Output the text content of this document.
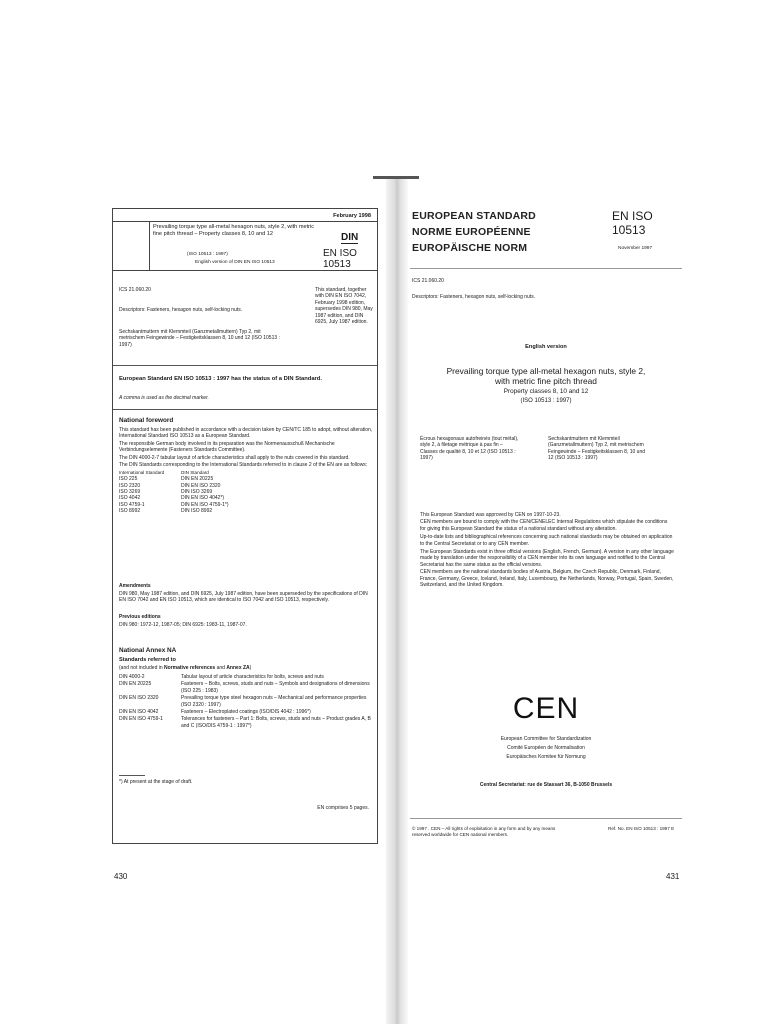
February 1998
Prevailing torque type all-metal hexagon nuts, style 2, with metric fine pitch thread – Property classes 8, 10 and 12
(ISO 10513 : 1997)
English version of DIN EN ISO 10513
DIN
EN ISO 10513
ICS 21.060.20
Descriptors: Fasteners, hexagon nuts, self-locking nuts.
Sechskantmuttern mit Klemmteil (Ganzmetallmuttern) Typ 2, mit metrischem Feingewinde – Festigkeitsklassen 8, 10 und 12 (ISO 10513 : 1997)
This standard, together with DIN EN ISO 7042, February 1998 edition, supersedes DIN 980, May 1987 edition, and DIN 6925, July 1987 edition.
European Standard EN ISO 10513 : 1997 has the status of a DIN Standard.
A comma is used as the decimal marker.
National foreword
This standard has been published in accordance with a decision taken by CEN/TC 185 to adopt, without alteration, International Standard ISO 10513 as a European Standard.
The responsible German body involved in its preparation was the Normenausschuß Mechanische Verbindungselemente (Fasteners Standards Committee).
The DIN 4000-2-7 tabular layout of article characteristics shall apply to the nuts covered in this standard.
The DIN Standards corresponding to the International Standards referred to in clause 2 of the EN are as follows:
International Standard	DIN Standard
ISO 225	DIN EN 20225
ISO 2320	DIN EN ISO 2320
ISO 3269	DIN ISO 3269
ISO 4042	DIN EN ISO 4042*)
ISO 4759-1	DIN EN ISO 4759-1*)
ISO 8992	DIN ISO 8992
Amendments
DIN 980, May 1987 edition, and DIN 6925, July 1987 edition, have been superseded by the specifications of DIN EN ISO 7042 and EN ISO 10513, which are identical to ISO 7042 and ISO 10513, respectively.
Previous editions
DIN 980: 1972-12, 1987-05; DIN 6925: 1983-11, 1987-07.
National Annex NA
Standards referred to
(and not included in Normative references and Annex ZA)
DIN 4000-2	Tabular layout of article characteristics for bolts, screws and nuts
DIN EN 20225	Fasteners – Bolts, screws, studs and nuts – Symbols and designations of dimensions (ISO 225 : 1983)
DIN EN ISO 2320	Prevailing torque type steel hexagon nuts – Mechanical and performance properties (ISO 2320 : 1997)
DIN EN ISO 4042	Fasteners – Electroplated coatings (ISO/DIS 4042 : 1996*)
DIN EN ISO 4759-1	Tolerances for fasteners – Part 1: Bolts, screws, studs and nuts – Product grades A, B and C (ISO/DIS 4759-1 : 1997*)
*) At present at the stage of draft.
EN comprises 5 pages.
430
EUROPEAN STANDARD
NORME EUROPÉENNE
EUROPÄISCHE NORM
EN ISO 10513
November 1997
ICS 21.060.20
Descriptors: Fasteners, hexagon nuts, self-locking nuts.
English version
Prevailing torque type all-metal hexagon nuts, style 2, with metric fine pitch thread
Property classes 8, 10 and 12
(ISO 10513 : 1997)
Écrous hexagonaux autofreinés (tout métal), style 2, à filetage métrique à pas fin – Classes de qualité 8, 10 et 12 (ISO 10513 : 1997)
Sechskantmuttern mit Klemmteil (Ganzmetallmuttern) Typ 2, mit metrischem Feingewinde – Festigkeitsklassen 8, 10 und 12 (ISO 10513 : 1997)
This European Standard was approved by CEN on 1997-10-23.
CEN members are bound to comply with the CEN/CENELEC Internal Regulations which stipulate the conditions for giving this European Standard the status of a national standard without any alteration.
Up-to-date lists and bibliographical references concerning such national standards may be obtained on application to the Central Secretariat or to any CEN member.
The European Standards exist in three official versions (English, French, German). A version in any other language made by translation under the responsibility of a CEN member into its own language and notified to the Central Secretariat has the same status as the official versions.
CEN members are the national standards bodies of Austria, Belgium, the Czech Republic, Denmark, Finland, France, Germany, Greece, Iceland, Ireland, Italy, Luxembourg, the Netherlands, Norway, Portugal, Spain, Sweden, Switzerland, and the United Kingdom.
CEN
European Committee for Standardization
Comité Européen de Normalisation
Europäisches Komitee für Normung
Central Secretariat: rue de Stassart 36, B-1050 Brussels
© 1997 . CEN – All rights of exploitation in any form and by any means reserved worldwide for CEN national members.
Ref. No. EN ISO 10513 : 1997 E
431
